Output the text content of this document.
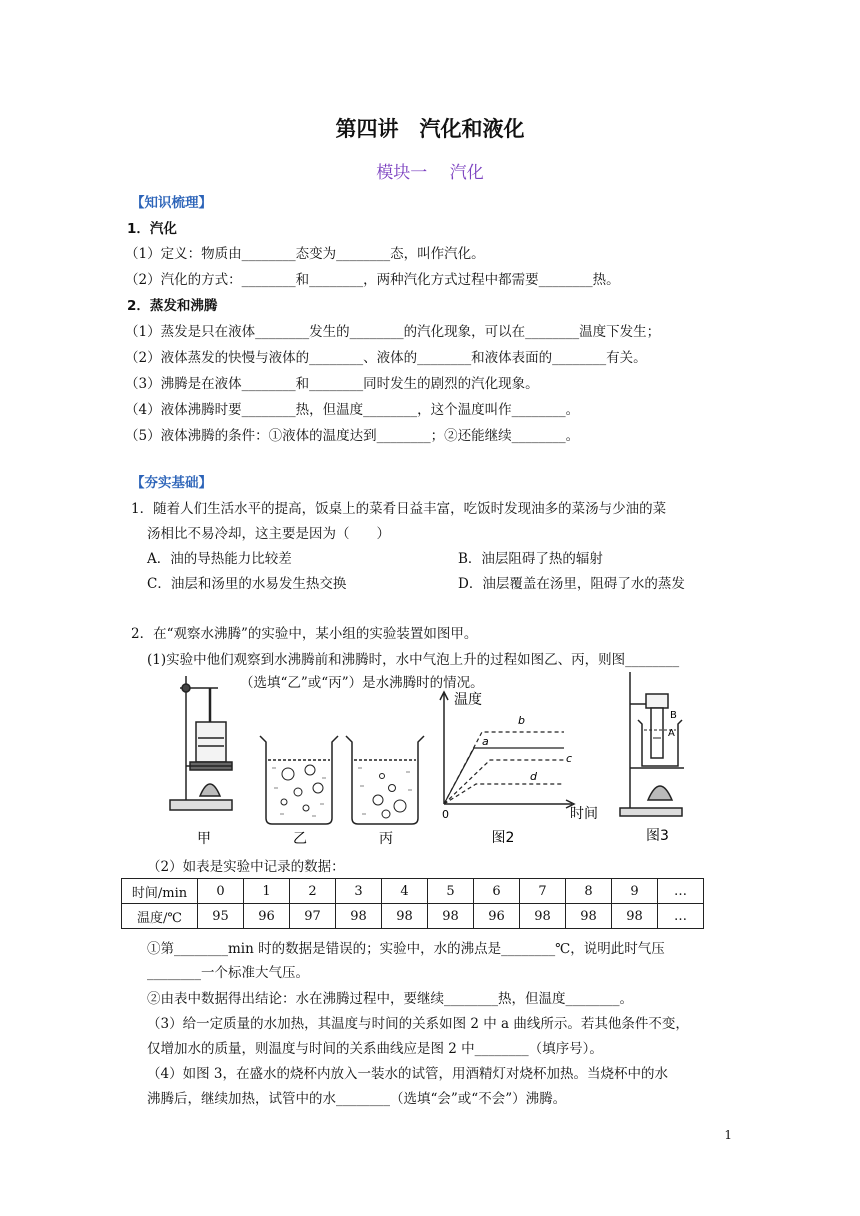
第四讲　汽化和液化
模块一　 汽化
【知识梳理】
1．汽化
（1）定义：物质由________态变为________态，叫作汽化。
（2）汽化的方式：________和________，两种汽化方式过程中都需要________热。
2．蒸发和沸腾
（1）蒸发是只在液体________发生的________的汽化现象，可以在________温度下发生；
（2）液体蒸发的快慢与液体的________、液体的________和液体表面的________有关。
（3）沸腾是在液体________和________同时发生的剧烈的汽化现象。
（4）液体沸腾时要________热，但温度________，这个温度叫作________。
（5）液体沸腾的条件：①液体的温度达到________；②还能继续________。
【夯实基础】
1．随着人们生活水平的提高，饭桌上的菜肴日益丰富，吃饭时发现油多的菜汤与少油的菜
汤相比不易冷却，这主要是因为（　　）
A．油的导热能力比较差	B．油层阻碍了热的辐射
C．油层和汤里的水易发生热交换	D．油层覆盖在汤里，阻碍了水的蒸发
2．在“观察水沸腾”的实验中，某小组的实验装置如图甲。
(1)实验中他们观察到水沸腾前和沸腾时，水中气泡上升的过程如图乙、丙，则图________
（选填“乙”或“丙”）是水沸腾时的情况。
甲	乙	丙
温度
时间
0
a
b
c
d
图2
B
A
图3
（2）如表是实验中记录的数据：
时间/min	0	1	2	3	4	5	6	7	8	9	…
温度/℃	95	96	97	98	98	98	96	98	98	98	…
①第________min 时的数据是错误的；实验中，水的沸点是________℃，说明此时气压
________一个标准大气压。
②由表中数据得出结论：水在沸腾过程中，要继续________热，但温度________。
（3）给一定质量的水加热，其温度与时间的关系如图 2 中 a 曲线所示。若其他条件不变，
仅增加水的质量，则温度与时间的关系曲线应是图 2 中________（填序号）。
（4）如图 3，在盛水的烧杯内放入一装水的试管，用酒精灯对烧杯加热。当烧杯中的水
沸腾后，继续加热，试管中的水________（选填“会”或“不会”）沸腾。
1
